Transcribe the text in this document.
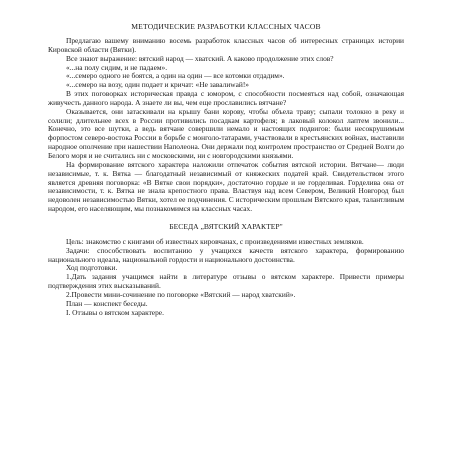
МЕТОДИЧЕСКИЕ РАЗРАБОТКИ КЛАССНЫХ ЧАСОВ

Предлагаю вашему вниманию восемь разработок классных часов об интересных страницах истории Кировской области (Вятки).

Все знают выражение: вятский народ — хватский. А каково продолжение этих слов?

«...на полу сидим, и не падаем».

«...семеро одного не боятся, а один на один — все котомки отдадим».

«...семеро на возу, один подает и кричат: «Не завалиwай!»

В этих поговорках историческая правда с юмором, с способности посмеяться над собой, означающая живучесть данного народа. А знаете ли вы, чем еще прославились вятчане?

Оказывается, они затаскивали на крышу бани корову, чтобы объела траву; сыпали толокно в реку и солили; длительнее всех в России противились посадкам картофеля; в лаковый колокол лаптем звонили... Конечно, это все шутки, а ведь вятчане совершили немало и настоящих подвигов: были несокрушимым форпостом северо-востока России в борьбе с монголо-татарами, участвовали в крестьянских войнах, выставили народное ополчение при нашествии Наполеона. Они держали под контролем пространство от Средней Волги до Белого моря и не считались ни с московскими, ни с новгородскими князьями.

На формирование вятского характера наложили отпечаток события вятской истории. Вятчане— люди независимые, т. к. Вятка — благодатный независимый от княжеских податей край. Свидетельством этого является древняя поговорка: «В Вятке свои порядки», достаточно гордые и не горделивая. Горделива она от независимости, т. к. Вятка не знала крепостного права. Властвуя над всем Севером, Великий Новгород был недоволен независимостью Вятки, хотел ее подчинения. С историческим прошлым Вятского края, талантливым народом, его населяющим, мы познакомимся на классных часах.

БЕСЕДА „ВЯТСКИЙ ХАРАКТЕР"

Цель: знакомство с книгами об известных кировчанах, с произведениями известных земляков.

Задачи: способствовать воспитанию у учащихся качеств вятского характера, формированию национального идеала, национальной гордости и национального достоинства.

Ход подготовки.

1.Дать задания учащимся найти в литературе отзывы о вятском характере. Привести примеры подтверждения этих высказываний.

2.Провести мини-сочинение по поговорке «Вятский — народ хватский».

План — конспект беседы.

I. Отзывы о вятском характере.
